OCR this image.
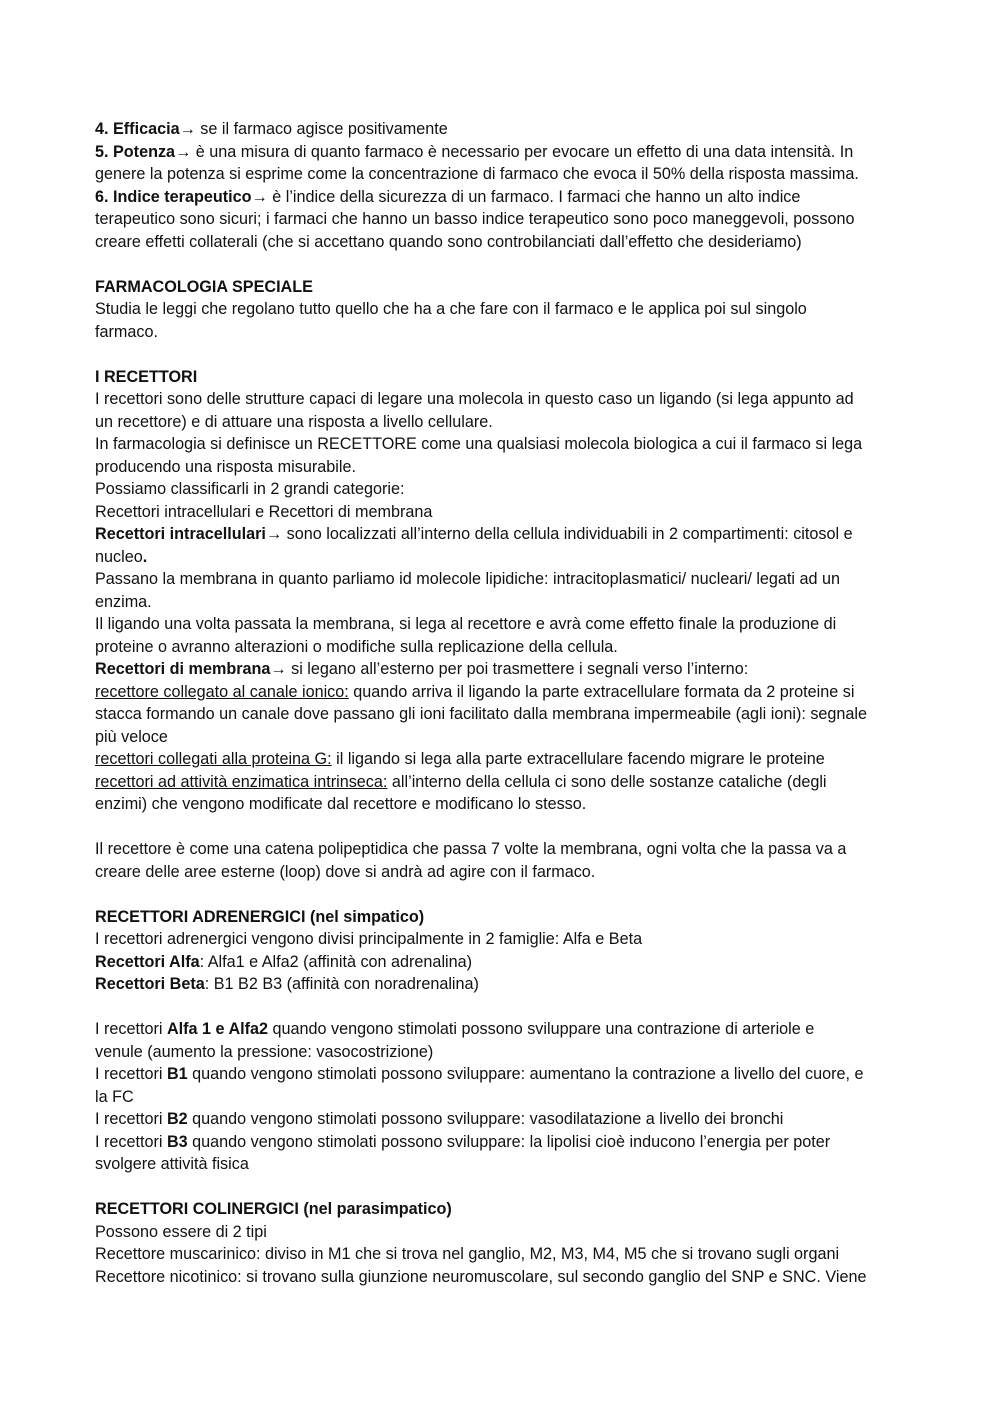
4. Efficacia→ se il farmaco agisce positivamente
5. Potenza→ è una misura di quanto farmaco è necessario per evocare un effetto di una data intensità. In
genere la potenza si esprime come la concentrazione di farmaco che evoca il 50% della risposta massima.
6. Indice terapeutico→ è l’indice della sicurezza di un farmaco. I farmaci che hanno un alto indice
terapeutico sono sicuri; i farmaci che hanno un basso indice terapeutico sono poco maneggevoli, possono
creare effetti collaterali (che si accettano quando sono controbilanciati dall’effetto che desideriamo)
FARMACOLOGIA SPECIALE
Studia le leggi che regolano tutto quello che ha a che fare con il farmaco e le applica poi sul singolo
farmaco.
I RECETTORI
I recettori sono delle strutture capaci di legare una molecola in questo caso un ligando (si lega appunto ad
un recettore) e di attuare una risposta a livello cellulare.
In farmacologia si definisce un RECETTORE come una qualsiasi molecola biologica a cui il farmaco si lega
producendo una risposta misurabile.
Possiamo classificarli in 2 grandi categorie:
Recettori intracellulari e Recettori di membrana
Recettori intracellulari→ sono localizzati all’interno della cellula individuabili in 2 compartimenti: citosol e
nucleo.
Passano la membrana in quanto parliamo id molecole lipidiche: intracitoplasmatici/ nucleari/ legati ad un
enzima.
Il ligando una volta passata la membrana, si lega al recettore e avrà come effetto finale la produzione di
proteine o avranno alterazioni o modifiche sulla replicazione della cellula.
Recettori di membrana→ si legano all’esterno per poi trasmettere i segnali verso l’interno:
recettore collegato al canale ionico: quando arriva il ligando la parte extracellulare formata da 2 proteine si
stacca formando un canale dove passano gli ioni facilitato dalla membrana impermeabile (agli ioni): segnale
più veloce
recettori collegati alla proteina G: il ligando si lega alla parte extracellulare facendo migrare le proteine
recettori ad attività enzimatica intrinseca: all’interno della cellula ci sono delle sostanze cataliche (degli
enzimi) che vengono modificate dal recettore e modificano lo stesso.
Il recettore è come una catena polipeptidica che passa 7 volte la membrana, ogni volta che la passa va a
creare delle aree esterne (loop) dove si andrà ad agire con il farmaco.
RECETTORI ADRENERGICI (nel simpatico)
I recettori adrenergici vengono divisi principalmente in 2 famiglie: Alfa e Beta
Recettori Alfa: Alfa1 e Alfa2 (affinità con adrenalina)
Recettori Beta: B1 B2 B3 (affinità con noradrenalina)
I recettori Alfa 1 e Alfa2 quando vengono stimolati possono sviluppare una contrazione di arteriole e
venule (aumento la pressione: vasocostrizione)
I recettori B1 quando vengono stimolati possono sviluppare: aumentano la contrazione a livello del cuore, e
la FC
I recettori B2 quando vengono stimolati possono sviluppare: vasodilatazione a livello dei bronchi
I recettori B3 quando vengono stimolati possono sviluppare: la lipolisi cioè inducono l’energia per poter
svolgere attività fisica
RECETTORI COLINERGICI (nel parasimpatico)
Possono essere di 2 tipi
Recettore muscarinico: diviso in M1 che si trova nel ganglio, M2, M3, M4, M5 che si trovano sugli organi
Recettore nicotinico: si trovano sulla giunzione neuromuscolare, sul secondo ganglio del SNP e SNC. Viene
